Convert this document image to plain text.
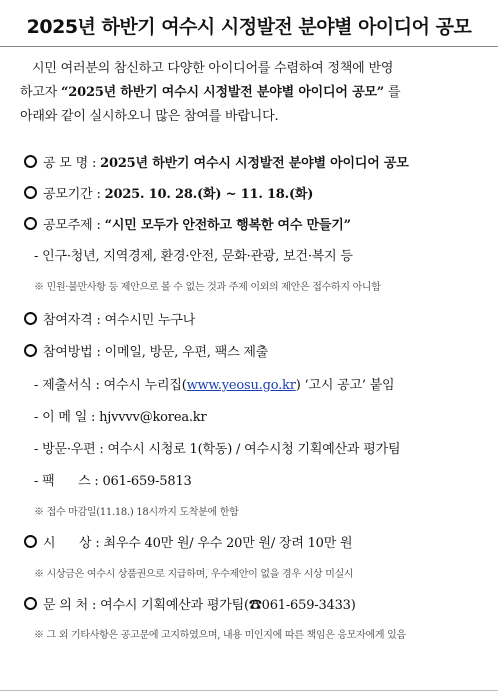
2025년 하반기 여수시 시정발전 분야별 아이디어 공모
시민 여러분의 참신하고 다양한 아이디어를 수렴하여 정책에 반영
하고자 “2025년 하반기 여수시 시정발전 분야별 아이디어 공모” 를
아래와 같이 실시하오니 많은 참여를 바랍니다.
공 모 명 : 2025년 하반기 여수시 시정발전 분야별 아이디어 공모
공모기간 : 2025. 10. 28.(화) ~ 11. 18.(화)
공모주제 : “시민 모두가 안전하고 행복한 여수 만들기”
- 인구·청년, 지역경제, 환경·안전, 문화·관광, 보건·복지 등
※ 민원·불만사항 등 제안으로 볼 수 없는 것과 주제 이외의 제안은 접수하지 아니함
참여자격 : 여수시민 누구나
참여방법 : 이메일, 방문, 우편, 팩스 제출
- 제출서식 : 여수시 누리집(www.yeosu.go.kr) ‘고시 공고’ 붙임
- 이 메 일 : hjvvvv@korea.kr
- 방문·우편 : 여수시 시청로 1(학동) / 여수시청 기획예산과 평가팀
- 팩      스 : 061-659-5813
※ 접수 마감일(11.18.) 18시까지 도착분에 한함
시      상 : 최우수 40만 원/ 우수 20만 원/ 장려 10만 원
※ 시상금은 여수시 상품권으로 지급하며, 우수제안이 없을 경우 시상 미실시
문 의 처 : 여수시 기획예산과 평가팀(☎061-659-3433)
※ 그 외 기타사항은 공고문에 고지하였으며, 내용 미인지에 따른 책임은 응모자에게 있음
